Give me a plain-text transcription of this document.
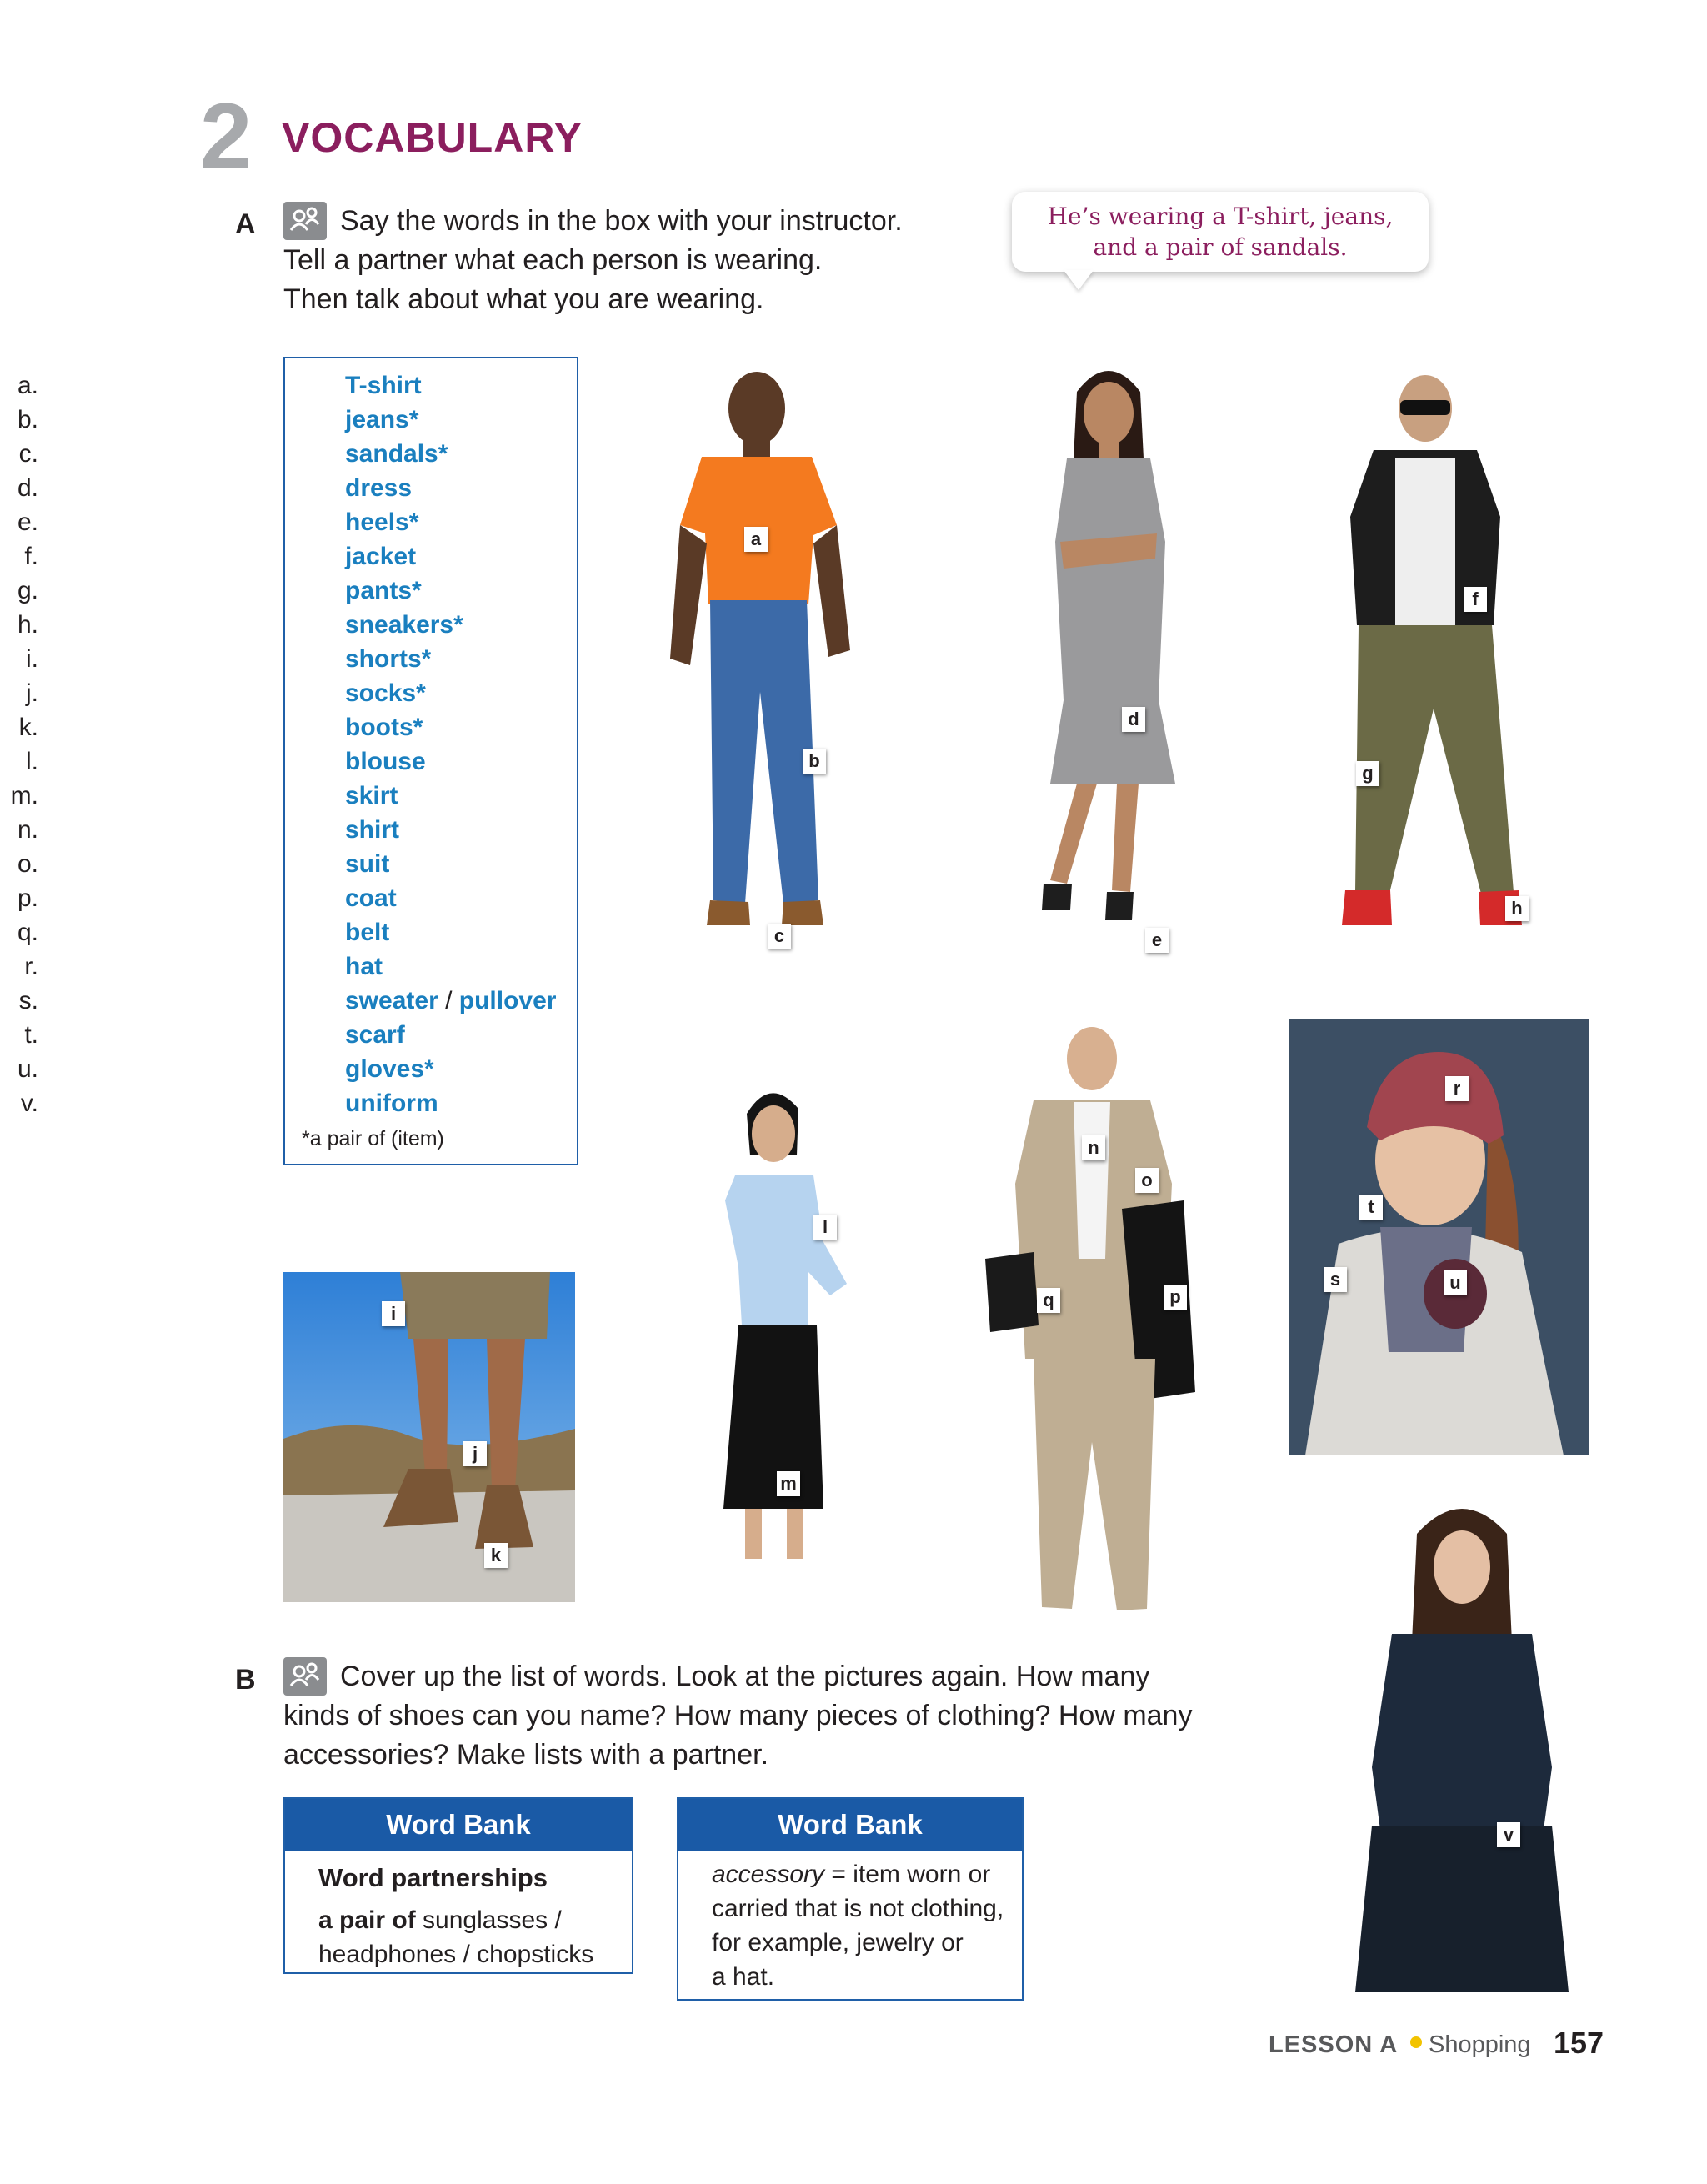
2 VOCABULARY
A	Say the words in the box with your instructor.
Tell a partner what each person is wearing.
Then talk about what you are wearing.
He’s wearing a T-shirt, jeans,
and a pair of sandals.
a.	T-shirt
b.	jeans*
c.	sandals*
d.	dress
e.	heels*
f.	jacket
g.	pants*
h.	sneakers*
i.	shorts*
j.	socks*
k.	boots*
l.	blouse
m.	skirt
n.	shirt
o.	suit
p.	coat
q.	belt
r.	hat
s.	sweater / pullover
t.	scarf
u.	gloves*
v.	uniform
*a pair of (item)
a
b
c
d
e
f
g
h
i
j
k
l
m
n
o
p
q
r
s
t
u
v
B	Cover up the list of words. Look at the pictures again. How many
kinds of shoes can you name? How many pieces of clothing? How many
accessories? Make lists with a partner.
Word Bank
Word partnerships
a pair of sunglasses /
headphones / chopsticks
Word Bank
accessory = item worn or
carried that is not clothing,
for example, jewelry or
a hat.
LESSON A Shopping 157
